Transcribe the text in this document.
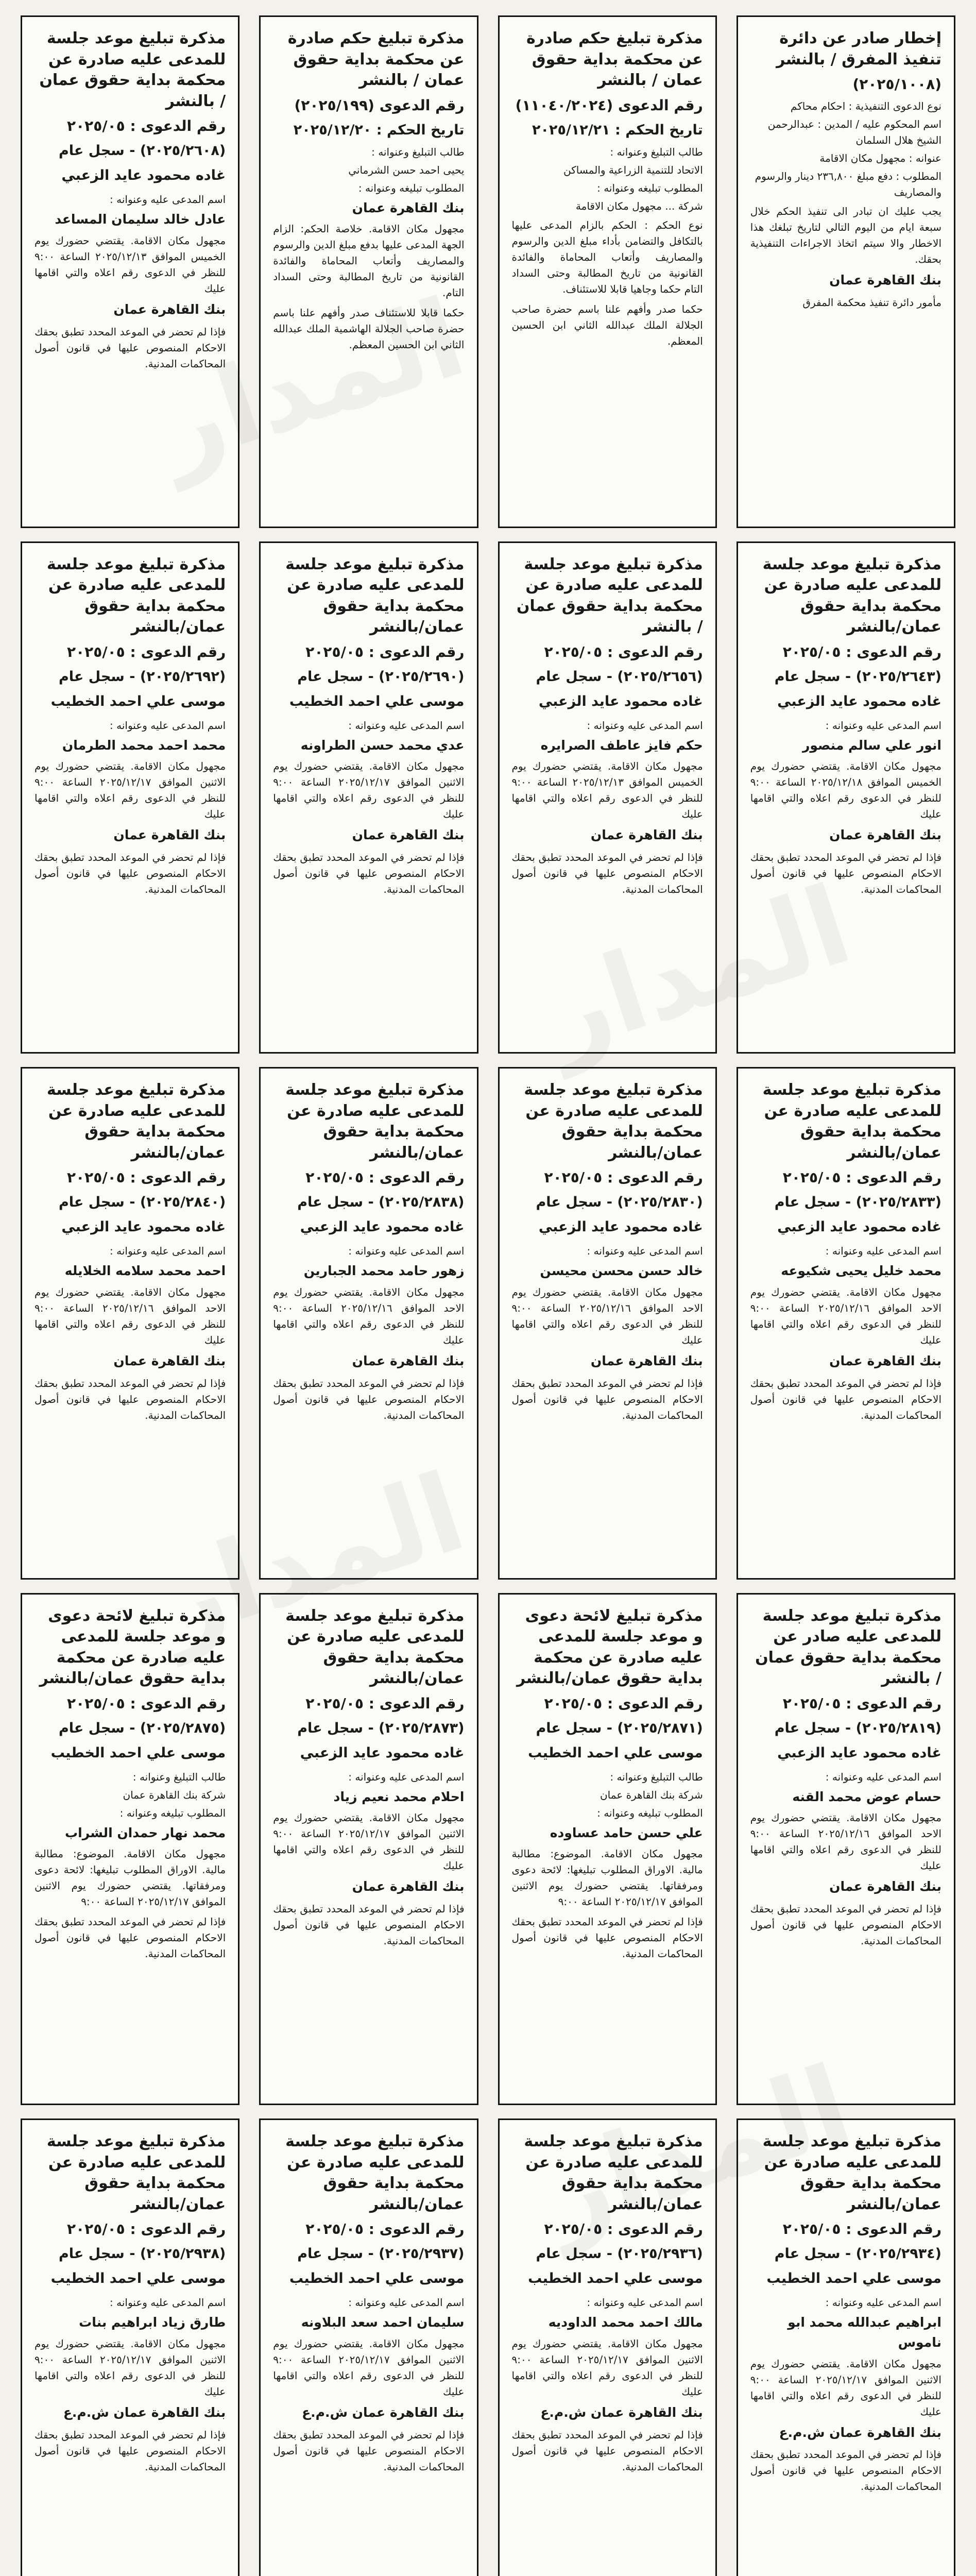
إخطار صادر عن دائرة تنفيذ المفرق / بالنشر
(٢٠٢٥/١٠٠٨)
نوع الدعوى التنفيذية : احكام محاكم
اسم المحكوم عليه / المدين : عبدالرحمن الشيخ هلال السلمان
عنوانه : مجهول مكان الاقامة
المطلوب : دفع مبلغ ٢٣٦,٨٠٠ دينار والرسوم والمصاريف
يجب عليك ان تبادر الى تنفيذ الحكم خلال سبعة ايام من اليوم التالي لتاريخ تبلغك هذا الاخطار والا سيتم اتخاذ الاجراءات التنفيذية بحقك.
بنك القاهرة عمان
مأمور دائرة تنفيذ محكمة المفرق
مذكرة تبليغ حكم صادرة عن محكمة بداية حقوق عمان / بالنشر
رقم الدعوى (١١٠٤٠/٢٠٢٤)
تاريخ الحكم : ٢٠٢٥/١٢/٢١
طالب التبليغ وعنوانه :
الاتحاد للتنمية الزراعية والمساكن
المطلوب تبليغه وعنوانه :
شركة ... مجهول مكان الاقامة
نوع الحكم : الحكم بالزام المدعى عليها بالتكافل والتضامن بأداء مبلغ الدين والرسوم والمصاريف وأتعاب المحاماة والفائدة القانونية من تاريخ المطالبة وحتى السداد التام حكما وجاهيا قابلا للاستئناف.
حكما صدر وأفهم علنا باسم حضرة صاحب الجلالة الملك عبدالله الثاني ابن الحسين المعظم.
مذكرة تبليغ حكم صادرة عن محكمة بداية حقوق عمان / بالنشر
رقم الدعوى (٢٠٢٥/١٩٩)
تاريخ الحكم : ٢٠٢٥/١٢/٢٠
طالب التبليغ وعنوانه :
يحيى احمد حسن الشرماني
المطلوب تبليغه وعنوانه :
بنك القاهرة عمان
مجهول مكان الاقامة. خلاصة الحكم: الزام الجهة المدعى عليها بدفع مبلغ الدين والرسوم والمصاريف وأتعاب المحاماة والفائدة القانونية من تاريخ المطالبة وحتى السداد التام.
حكما قابلا للاستئناف صدر وأفهم علنا باسم حضرة صاحب الجلالة الهاشمية الملك عبدالله الثاني ابن الحسين المعظم.
مذكرة تبليغ موعد جلسة للمدعى عليه صادرة عن محكمة بداية حقوق عمان / بالنشر
رقم الدعوى : ٢٠٢٥/٠٥
(٢٠٢٥/٢٦٠٨) - سجل عام
غاده محمود عايد الزعبي
اسم المدعى عليه وعنوانه :
عادل خالد سليمان المساعد
مجهول مكان الاقامة. يقتضي حضورك يوم الخميس الموافق ٢٠٢٥/١٢/١٣ الساعة ٩:٠٠ للنظر في الدعوى رقم اعلاه والتي اقامها عليك
بنك القاهرة عمان
فإذا لم تحضر في الموعد المحدد تطبق بحقك الاحكام المنصوص عليها في قانون أصول المحاكمات المدنية.
مذكرة تبليغ موعد جلسة للمدعى عليه صادرة عن محكمة بداية حقوق عمان/بالنشر
رقم الدعوى : ٢٠٢٥/٠٥
(٢٠٢٥/٢٦٤٣) - سجل عام
غاده محمود عايد الزعبي
اسم المدعى عليه وعنوانه :
انور علي سالم منصور
مجهول مكان الاقامة. يقتضي حضورك يوم الخميس الموافق ٢٠٢٥/١٢/١٨ الساعة ٩:٠٠ للنظر في الدعوى رقم اعلاه والتي اقامها عليك
بنك القاهرة عمان
فإذا لم تحضر في الموعد المحدد تطبق بحقك الاحكام المنصوص عليها في قانون أصول المحاكمات المدنية.
مذكرة تبليغ موعد جلسة للمدعى عليه صادرة عن محكمة بداية حقوق عمان / بالنشر
رقم الدعوى : ٢٠٢٥/٠٥
(٢٠٢٥/٢٦٥٦) - سجل عام
غاده محمود عايد الزعبي
اسم المدعى عليه وعنوانه :
حكم فايز عاطف الصرايره
مجهول مكان الاقامة. يقتضي حضورك يوم الخميس الموافق ٢٠٢٥/١٢/١٣ الساعة ٩:٠٠ للنظر في الدعوى رقم اعلاه والتي اقامها عليك
بنك القاهرة عمان
فإذا لم تحضر في الموعد المحدد تطبق بحقك الاحكام المنصوص عليها في قانون أصول المحاكمات المدنية.
مذكرة تبليغ موعد جلسة للمدعى عليه صادرة عن محكمة بداية حقوق عمان/بالنشر
رقم الدعوى : ٢٠٢٥/٠٥
(٢٠٢٥/٢٦٩٠) - سجل عام
موسى علي احمد الخطيب
اسم المدعى عليه وعنوانه :
عدي محمد حسن الطراونه
مجهول مكان الاقامة. يقتضي حضورك يوم الاثنين الموافق ٢٠٢٥/١٢/١٧ الساعة ٩:٠٠ للنظر في الدعوى رقم اعلاه والتي اقامها عليك
بنك القاهرة عمان
فإذا لم تحضر في الموعد المحدد تطبق بحقك الاحكام المنصوص عليها في قانون أصول المحاكمات المدنية.
مذكرة تبليغ موعد جلسة للمدعى عليه صادرة عن محكمة بداية حقوق عمان/بالنشر
رقم الدعوى : ٢٠٢٥/٠٥
(٢٠٢٥/٢٦٩٢) - سجل عام
موسى علي احمد الخطيب
اسم المدعى عليه وعنوانه :
محمد احمد محمد الطرمان
مجهول مكان الاقامة. يقتضي حضورك يوم الاثنين الموافق ٢٠٢٥/١٢/١٧ الساعة ٩:٠٠ للنظر في الدعوى رقم اعلاه والتي اقامها عليك
بنك القاهرة عمان
فإذا لم تحضر في الموعد المحدد تطبق بحقك الاحكام المنصوص عليها في قانون أصول المحاكمات المدنية.
مذكرة تبليغ موعد جلسة للمدعى عليه صادرة عن محكمة بداية حقوق عمان/بالنشر
رقم الدعوى : ٢٠٢٥/٠٥
(٢٠٢٥/٢٨٣٣) - سجل عام
غاده محمود عايد الزعبي
اسم المدعى عليه وعنوانه :
محمد خليل يحيى شكيوعه
مجهول مكان الاقامة. يقتضي حضورك يوم الاحد الموافق ٢٠٢٥/١٢/١٦ الساعة ٩:٠٠ للنظر في الدعوى رقم اعلاه والتي اقامها عليك
بنك القاهرة عمان
فإذا لم تحضر في الموعد المحدد تطبق بحقك الاحكام المنصوص عليها في قانون أصول المحاكمات المدنية.
مذكرة تبليغ موعد جلسة للمدعى عليه صادرة عن محكمة بداية حقوق عمان/بالنشر
رقم الدعوى : ٢٠٢٥/٠٥
(٢٠٢٥/٢٨٣٠) - سجل عام
غاده محمود عايد الزعبي
اسم المدعى عليه وعنوانه :
خالد حسن محسن محيسن
مجهول مكان الاقامة. يقتضي حضورك يوم الاحد الموافق ٢٠٢٥/١٢/١٦ الساعة ٩:٠٠ للنظر في الدعوى رقم اعلاه والتي اقامها عليك
بنك القاهرة عمان
فإذا لم تحضر في الموعد المحدد تطبق بحقك الاحكام المنصوص عليها في قانون أصول المحاكمات المدنية.
مذكرة تبليغ موعد جلسة للمدعى عليه صادرة عن محكمة بداية حقوق عمان/بالنشر
رقم الدعوى : ٢٠٢٥/٠٥
(٢٠٢٥/٢٨٣٨) - سجل عام
غاده محمود عايد الزعبي
اسم المدعى عليه وعنوانه :
زهور حامد محمد الجبارين
مجهول مكان الاقامة. يقتضي حضورك يوم الاحد الموافق ٢٠٢٥/١٢/١٦ الساعة ٩:٠٠ للنظر في الدعوى رقم اعلاه والتي اقامها عليك
بنك القاهرة عمان
فإذا لم تحضر في الموعد المحدد تطبق بحقك الاحكام المنصوص عليها في قانون أصول المحاكمات المدنية.
مذكرة تبليغ موعد جلسة للمدعى عليه صادرة عن محكمة بداية حقوق عمان/بالنشر
رقم الدعوى : ٢٠٢٥/٠٥
(٢٠٢٥/٢٨٤٠) - سجل عام
غاده محمود عايد الزعبي
اسم المدعى عليه وعنوانه :
احمد محمد سلامه الخلايله
مجهول مكان الاقامة. يقتضي حضورك يوم الاحد الموافق ٢٠٢٥/١٢/١٦ الساعة ٩:٠٠ للنظر في الدعوى رقم اعلاه والتي اقامها عليك
بنك القاهرة عمان
فإذا لم تحضر في الموعد المحدد تطبق بحقك الاحكام المنصوص عليها في قانون أصول المحاكمات المدنية.
مذكرة تبليغ موعد جلسة للمدعى عليه صادر عن محكمة بداية حقوق عمان / بالنشر
رقم الدعوى : ٢٠٢٥/٠٥
(٢٠٢٥/٢٨١٩) - سجل عام
غاده محمود عايد الزعبي
اسم المدعى عليه وعنوانه :
حسام عوض محمد القنه
مجهول مكان الاقامة. يقتضي حضورك يوم الاحد الموافق ٢٠٢٥/١٢/١٦ الساعة ٩:٠٠ للنظر في الدعوى رقم اعلاه والتي اقامها عليك
بنك القاهرة عمان
فإذا لم تحضر في الموعد المحدد تطبق بحقك الاحكام المنصوص عليها في قانون أصول المحاكمات المدنية.
مذكرة تبليغ لائحة دعوى و موعد جلسة للمدعى عليه صادرة عن محكمة بداية حقوق عمان/بالنشر
رقم الدعوى : ٢٠٢٥/٠٥
(٢٠٢٥/٢٨٧١) - سجل عام
موسى علي احمد الخطيب
طالب التبليغ وعنوانه :
شركة بنك القاهرة عمان
المطلوب تبليغه وعنوانه :
علي حسن حامد عساوده
مجهول مكان الاقامة. الموضوع: مطالبة مالية. الاوراق المطلوب تبليغها: لائحة دعوى ومرفقاتها. يقتضي حضورك يوم الاثنين الموافق ٢٠٢٥/١٢/١٧ الساعة ٩:٠٠
فإذا لم تحضر في الموعد المحدد تطبق بحقك الاحكام المنصوص عليها في قانون أصول المحاكمات المدنية.
مذكرة تبليغ موعد جلسة للمدعى عليه صادرة عن محكمة بداية حقوق عمان/بالنشر
رقم الدعوى : ٢٠٢٥/٠٥
(٢٠٢٥/٢٨٧٣) - سجل عام
غاده محمود عايد الزعبي
اسم المدعى عليه وعنوانه :
احلام محمد نعيم زياد
مجهول مكان الاقامة. يقتضي حضورك يوم الاثنين الموافق ٢٠٢٥/١٢/١٧ الساعة ٩:٠٠ للنظر في الدعوى رقم اعلاه والتي اقامها عليك
بنك القاهرة عمان
فإذا لم تحضر في الموعد المحدد تطبق بحقك الاحكام المنصوص عليها في قانون أصول المحاكمات المدنية.
مذكرة تبليغ لائحة دعوى و موعد جلسة للمدعى عليه صادرة عن محكمة بداية حقوق عمان/بالنشر
رقم الدعوى : ٢٠٢٥/٠٥
(٢٠٢٥/٢٨٧٥) - سجل عام
موسى علي احمد الخطيب
طالب التبليغ وعنوانه :
شركة بنك القاهرة عمان
المطلوب تبليغه وعنوانه :
محمد نهار حمدان الشراب
مجهول مكان الاقامة. الموضوع: مطالبة مالية. الاوراق المطلوب تبليغها: لائحة دعوى ومرفقاتها. يقتضي حضورك يوم الاثنين الموافق ٢٠٢٥/١٢/١٧ الساعة ٩:٠٠
فإذا لم تحضر في الموعد المحدد تطبق بحقك الاحكام المنصوص عليها في قانون أصول المحاكمات المدنية.
مذكرة تبليغ موعد جلسة للمدعى عليه صادرة عن محكمة بداية حقوق عمان/بالنشر
رقم الدعوى : ٢٠٢٥/٠٥
(٢٠٢٥/٢٩٣٤) - سجل عام
موسى علي احمد الخطيب
اسم المدعى عليه وعنوانه :
ابراهيم عبدالله محمد ابو ناموس
مجهول مكان الاقامة. يقتضي حضورك يوم الاثنين الموافق ٢٠٢٥/١٢/١٧ الساعة ٩:٠٠ للنظر في الدعوى رقم اعلاه والتي اقامها عليك
بنك القاهرة عمان ش.م.ع
فإذا لم تحضر في الموعد المحدد تطبق بحقك الاحكام المنصوص عليها في قانون أصول المحاكمات المدنية.
مذكرة تبليغ موعد جلسة للمدعى عليه صادرة عن محكمة بداية حقوق عمان/بالنشر
رقم الدعوى : ٢٠٢٥/٠٥
(٢٠٢٥/٢٩٣٦) - سجل عام
موسى علي احمد الخطيب
اسم المدعى عليه وعنوانه :
مالك احمد محمد الداوديه
مجهول مكان الاقامة. يقتضي حضورك يوم الاثنين الموافق ٢٠٢٥/١٢/١٧ الساعة ٩:٠٠ للنظر في الدعوى رقم اعلاه والتي اقامها عليك
بنك القاهرة عمان ش.م.ع
فإذا لم تحضر في الموعد المحدد تطبق بحقك الاحكام المنصوص عليها في قانون أصول المحاكمات المدنية.
مذكرة تبليغ موعد جلسة للمدعى عليه صادرة عن محكمة بداية حقوق عمان/بالنشر
رقم الدعوى : ٢٠٢٥/٠٥
(٢٠٢٥/٢٩٣٧) - سجل عام
موسى علي احمد الخطيب
اسم المدعى عليه وعنوانه :
سليمان احمد سعد البلاونه
مجهول مكان الاقامة. يقتضي حضورك يوم الاثنين الموافق ٢٠٢٥/١٢/١٧ الساعة ٩:٠٠ للنظر في الدعوى رقم اعلاه والتي اقامها عليك
بنك القاهرة عمان ش.م.ع
فإذا لم تحضر في الموعد المحدد تطبق بحقك الاحكام المنصوص عليها في قانون أصول المحاكمات المدنية.
مذكرة تبليغ موعد جلسة للمدعى عليه صادرة عن محكمة بداية حقوق عمان/بالنشر
رقم الدعوى : ٢٠٢٥/٠٥
(٢٠٢٥/٢٩٣٨) - سجل عام
موسى علي احمد الخطيب
اسم المدعى عليه وعنوانه :
طارق زياد ابراهيم بنات
مجهول مكان الاقامة. يقتضي حضورك يوم الاثنين الموافق ٢٠٢٥/١٢/١٧ الساعة ٩:٠٠ للنظر في الدعوى رقم اعلاه والتي اقامها عليك
بنك القاهرة عمان ش.م.ع
فإذا لم تحضر في الموعد المحدد تطبق بحقك الاحكام المنصوص عليها في قانون أصول المحاكمات المدنية.
